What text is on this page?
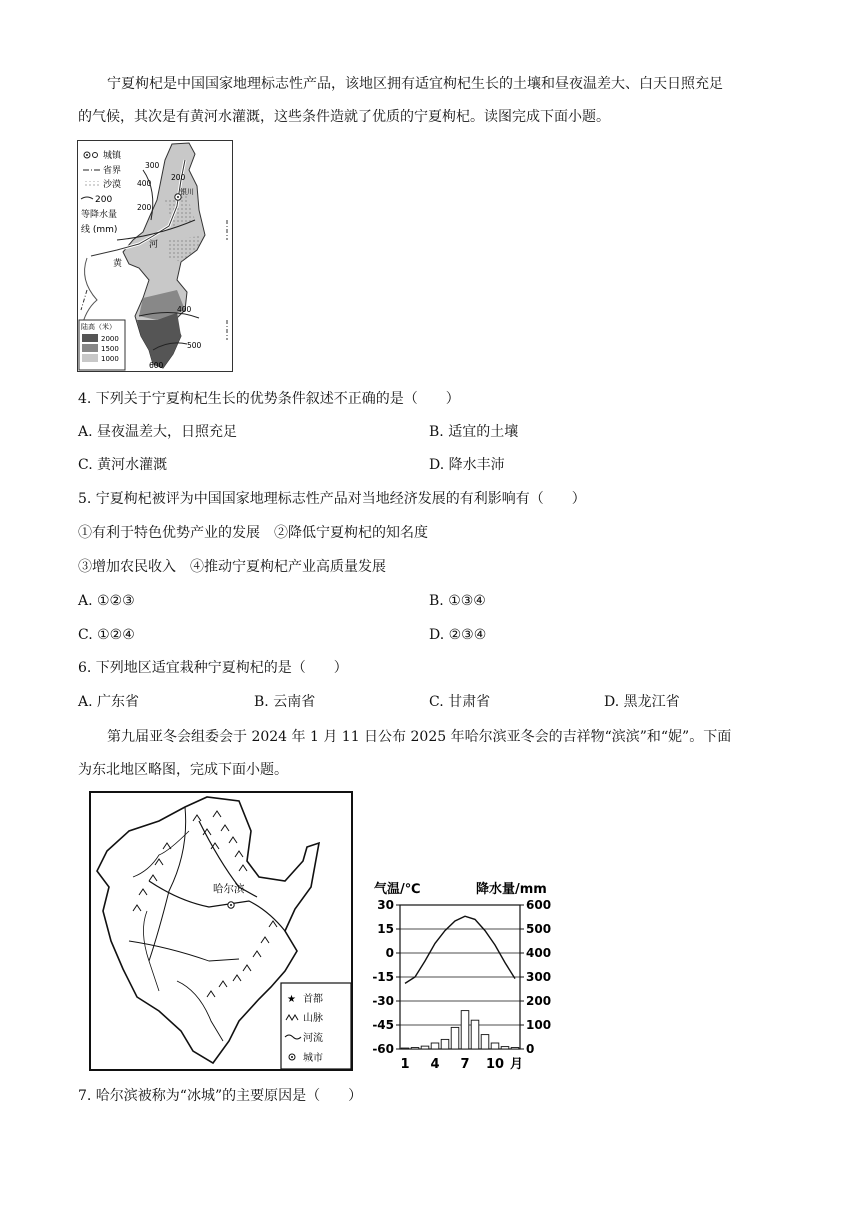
宁夏枸杞是中国国家地理标志性产品，该地区拥有适宜枸杞生长的土壤和昼夜温差大、白天日照充足
的气候，其次是有黄河水灌溉，这些条件造就了优质的宁夏枸杞。读图完成下面小题。
银川
河
黄
300
400
200
200
400
500
600
城镇
省界
沙漠
200
等降水量
线 (mm)
陆高（米）
2000
1500
1000
4. 下列关于宁夏枸杞生长的优势条件叙述不正确的是（　　）
A. 昼夜温差大，日照充足	B. 适宜的土壤
C. 黄河水灌溉	D. 降水丰沛
5. 宁夏枸杞被评为中国国家地理标志性产品对当地经济发展的有利影响有（　　）
①有利于特色优势产业的发展　②降低宁夏枸杞的知名度
③增加农民收入　④推动宁夏枸杞产业高质量发展
A. ①②③	B. ①③④
C. ①②④	D. ②③④
6. 下列地区适宜栽种宁夏枸杞的是（　　）
A. 广东省	B. 云南省	C. 甘肃省	D. 黑龙江省
第九届亚冬会组委会于 2024 年 1 月 11 日公布 2025 年哈尔滨亚冬会的吉祥物“滨滨”和“妮”。下面
为东北地区略图，完成下面小题。
哈尔滨
★ 首都
山脉
河流
城市
气温/℃	降水量/mm
30
15
0
-15
-30
-45
-60
600
500
400
300
200
100
0
1 4 7 10 月
7. 哈尔滨被称为“冰城”的主要原因是（　　）
